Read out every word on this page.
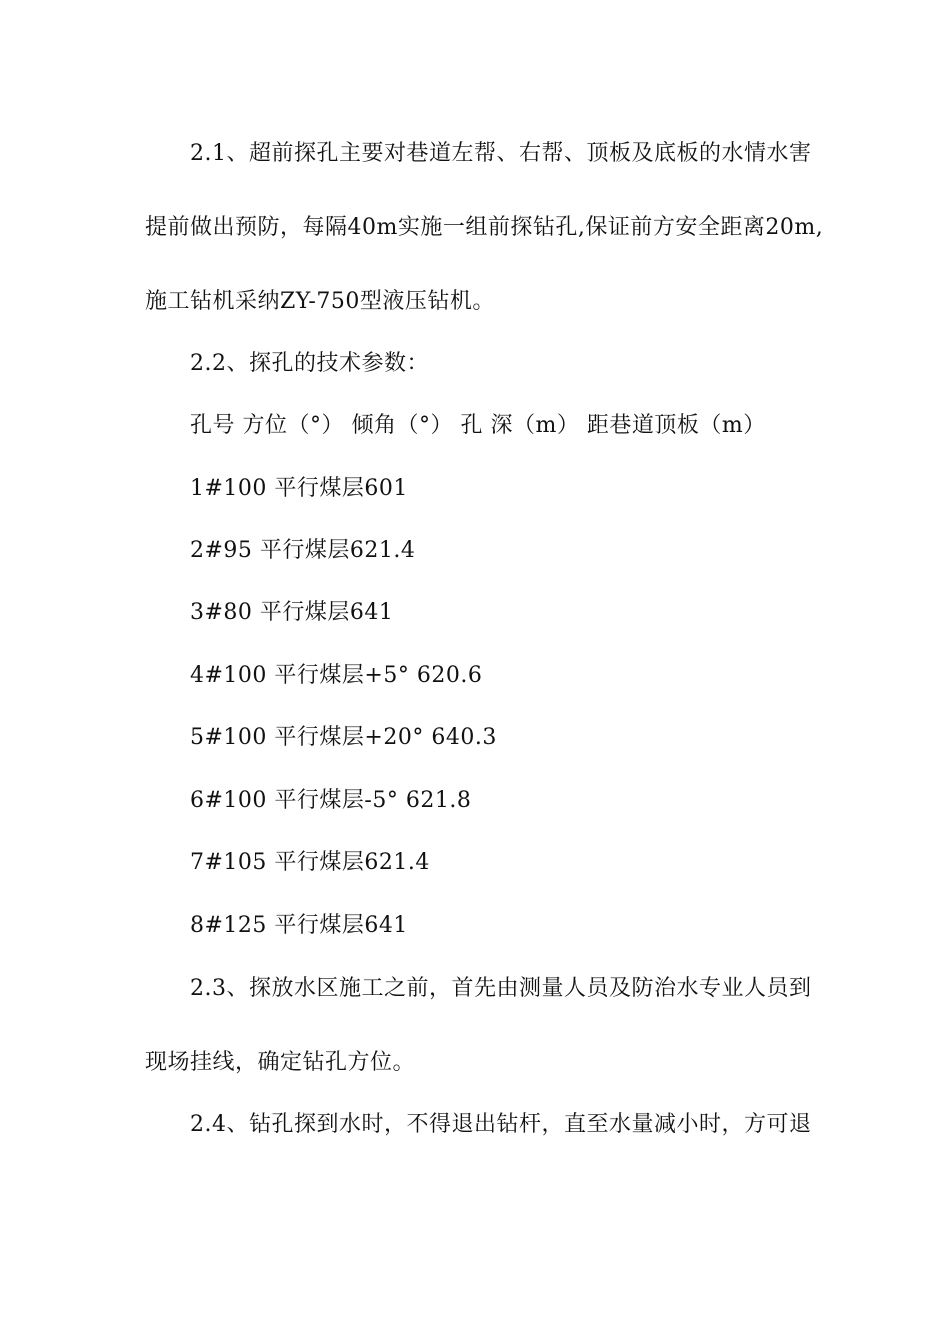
2.1、超前探孔主要对巷道左帮、右帮、顶板及底板的水情水害
提前做出预防，每隔40m实施一组前探钻孔,保证前方安全距离20m,
施工钻机采纳ZY-750型液压钻机。
2.2、探孔的技术参数：
孔号 方位（°） 倾角（°） 孔 深（m） 距巷道顶板（m）
1#100 平行煤层601
2#95 平行煤层621.4
3#80 平行煤层641
4#100 平行煤层+5° 620.6
5#100 平行煤层+20° 640.3
6#100 平行煤层-5° 621.8
7#105 平行煤层621.4
8#125 平行煤层641
2.3、探放水区施工之前，首先由测量人员及防治水专业人员到
现场挂线，确定钻孔方位。
2.4、钻孔探到水时，不得退出钻杆，直至水量减小时，方可退
